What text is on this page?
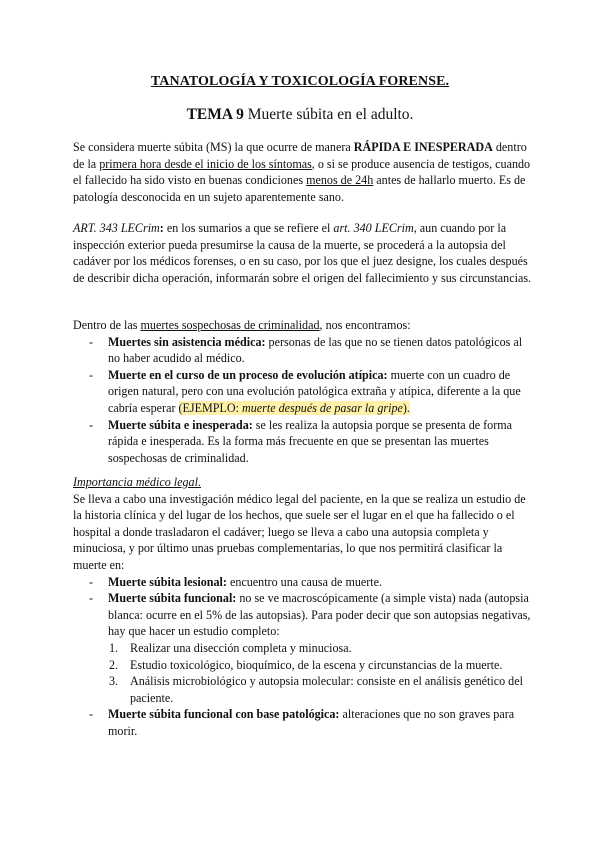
TANATOLOGÍA Y TOXICOLOGÍA FORENSE.
TEMA 9 Muerte súbita en el adulto.
Se considera muerte súbita (MS) la que ocurre de manera RÁPIDA E INESPERADA dentro de la primera hora desde el inicio de los síntomas, o si se produce ausencia de testigos, cuando el fallecido ha sido visto en buenas condiciones menos de 24h antes de hallarlo muerto. Es de patología desconocida en un sujeto aparentemente sano.
ART. 343 LECrim: en los sumarios a que se refiere el art. 340 LECrim, aun cuando por la inspección exterior pueda presumirse la causa de la muerte, se procederá a la autopsia del cadáver por los médicos forenses, o en su caso, por los que el juez designe, los cuales después de describir dicha operación, informarán sobre el origen del fallecimiento y sus circunstancias.
Dentro de las muertes sospechosas de criminalidad, nos encontramos:
- Muertes sin asistencia médica: personas de las que no se tienen datos patológicos al no haber acudido al médico.
- Muerte en el curso de un proceso de evolución atípica: muerte con un cuadro de origen natural, pero con una evolución patológica extraña y atípica, diferente a la que cabría esperar (EJEMPLO: muerte después de pasar la gripe).
- Muerte súbita e inesperada: se les realiza la autopsia porque se presenta de forma rápida e inesperada. Es la forma más frecuente en que se presentan las muertes sospechosas de criminalidad.
Importancia médico legal.
Se lleva a cabo una investigación médico legal del paciente, en la que se realiza un estudio de la historia clínica y del lugar de los hechos, que suele ser el lugar en el que ha fallecido o el hospital a donde trasladaron el cadáver; luego se lleva a cabo una autopsia completa y minuciosa, y por último unas pruebas complementarias, lo que nos permitirá clasificar la muerte en:
- Muerte súbita lesional: encuentro una causa de muerte.
- Muerte súbita funcional: no se ve macroscópicamente (a simple vista) nada (autopsia blanca: ocurre en el 5% de las autopsias). Para poder decir que son autopsias negativas, hay que hacer un estudio completo:
1. Realizar una disección completa y minuciosa.
2. Estudio toxicológico, bioquímico, de la escena y circunstancias de la muerte.
3. Análisis microbiológico y autopsia molecular: consiste en el análisis genético del paciente.
- Muerte súbita funcional con base patológica: alteraciones que no son graves para morir.
